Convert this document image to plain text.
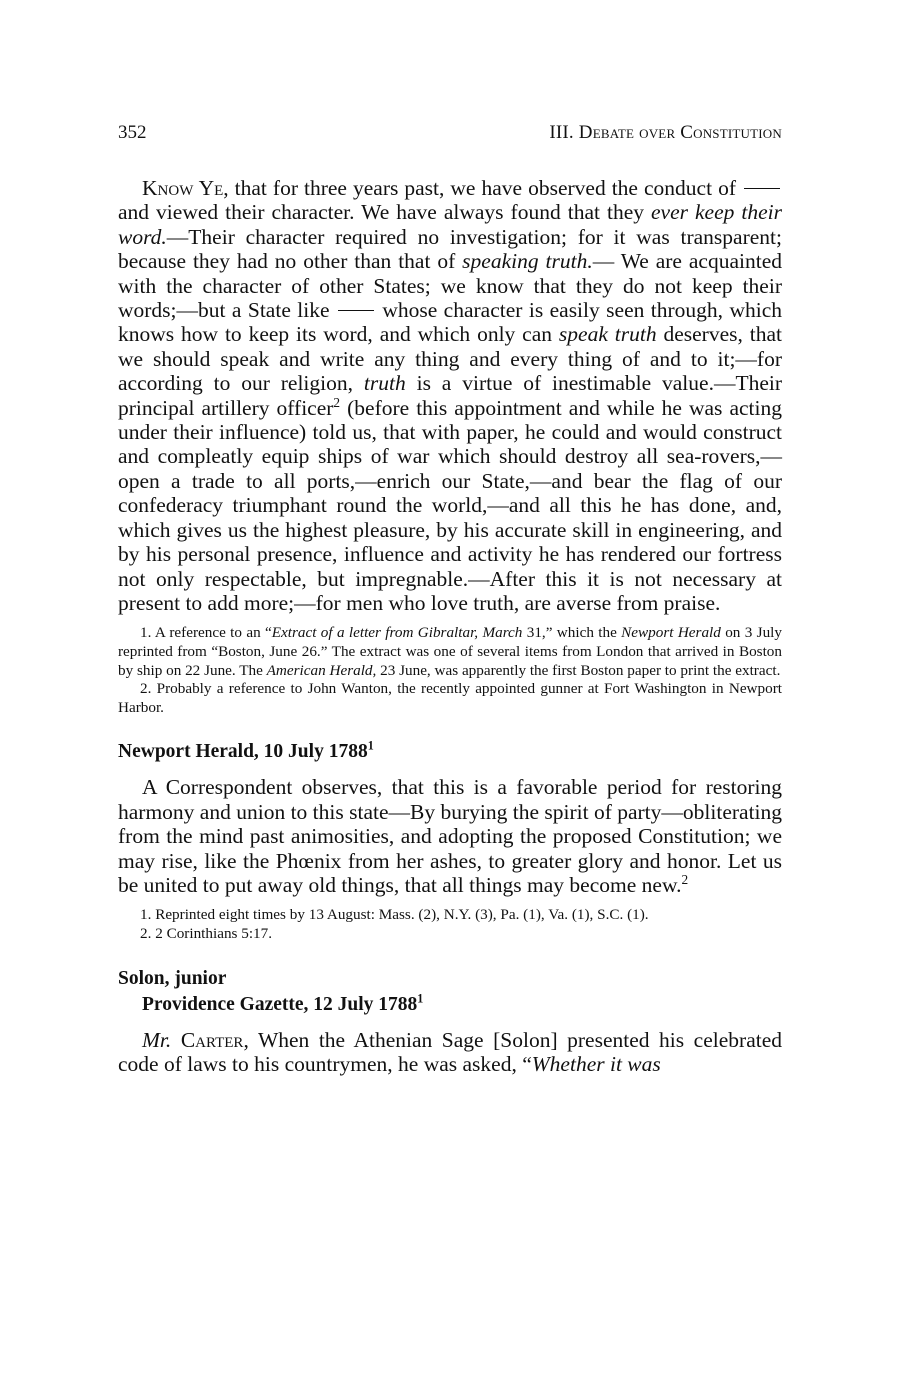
352	III. Debate over Constitution

Know Ye, that for three years past, we have observed the conduct of  and viewed their character. We have always found that they ever keep their word.—Their character required no investigation; for it was transparent; because they had no other than that of speaking truth.— We are acquainted with the character of other States; we know that they do not keep their words;—but a State like  whose character is easily seen through, which knows how to keep its word, and which only can speak truth deserves, that we should speak and write any thing and every thing of and to it;—for according to our religion, truth is a virtue of inestimable value.—Their principal artillery officer$^2$ (before this appointment and while he was acting under their influence) told us, that with paper, he could and would construct and compleatly equip ships of war which should destroy all sea-rovers,—open a trade to all ports,—enrich our State,—and bear the flag of our confederacy triumphant round the world,—and all this he has done, and, which gives us the highest pleasure, by his accurate skill in engineering, and by his personal presence, influence and activity he has rendered our fortress not only respectable, but impregnable.—After this it is not necessary at present to add more;—for men who love truth, are averse from praise.

1. A reference to an “Extract of a letter from Gibraltar, March 31,” which the Newport Herald on 3 July reprinted from “Boston, June 26.” The extract was one of several items from London that arrived in Boston by ship on 22 June. The American Herald, 23 June, was apparently the first Boston paper to print the extract.

2. Probably a reference to John Wanton, the recently appointed gunner at Fort Washington in Newport Harbor.

Newport Herald, 10 July 1788$^1$

A Correspondent observes, that this is a favorable period for restoring harmony and union to this state—By burying the spirit of party—obliterating from the mind past animosities, and adopting the proposed Constitution; we may rise, like the Phœnix from her ashes, to greater glory and honor. Let us be united to put away old things, that all things may become new.$^2$

1. Reprinted eight times by 13 August: Mass. (2), N.Y. (3), Pa. (1), Va. (1), S.C. (1).

2. 2 Corinthians 5:17.

Solon, junior
Providence Gazette, 12 July 1788$^1$

Mr. Carter, When the Athenian Sage [Solon] presented his celebrated code of laws to his countrymen, he was asked, “Whether it was
